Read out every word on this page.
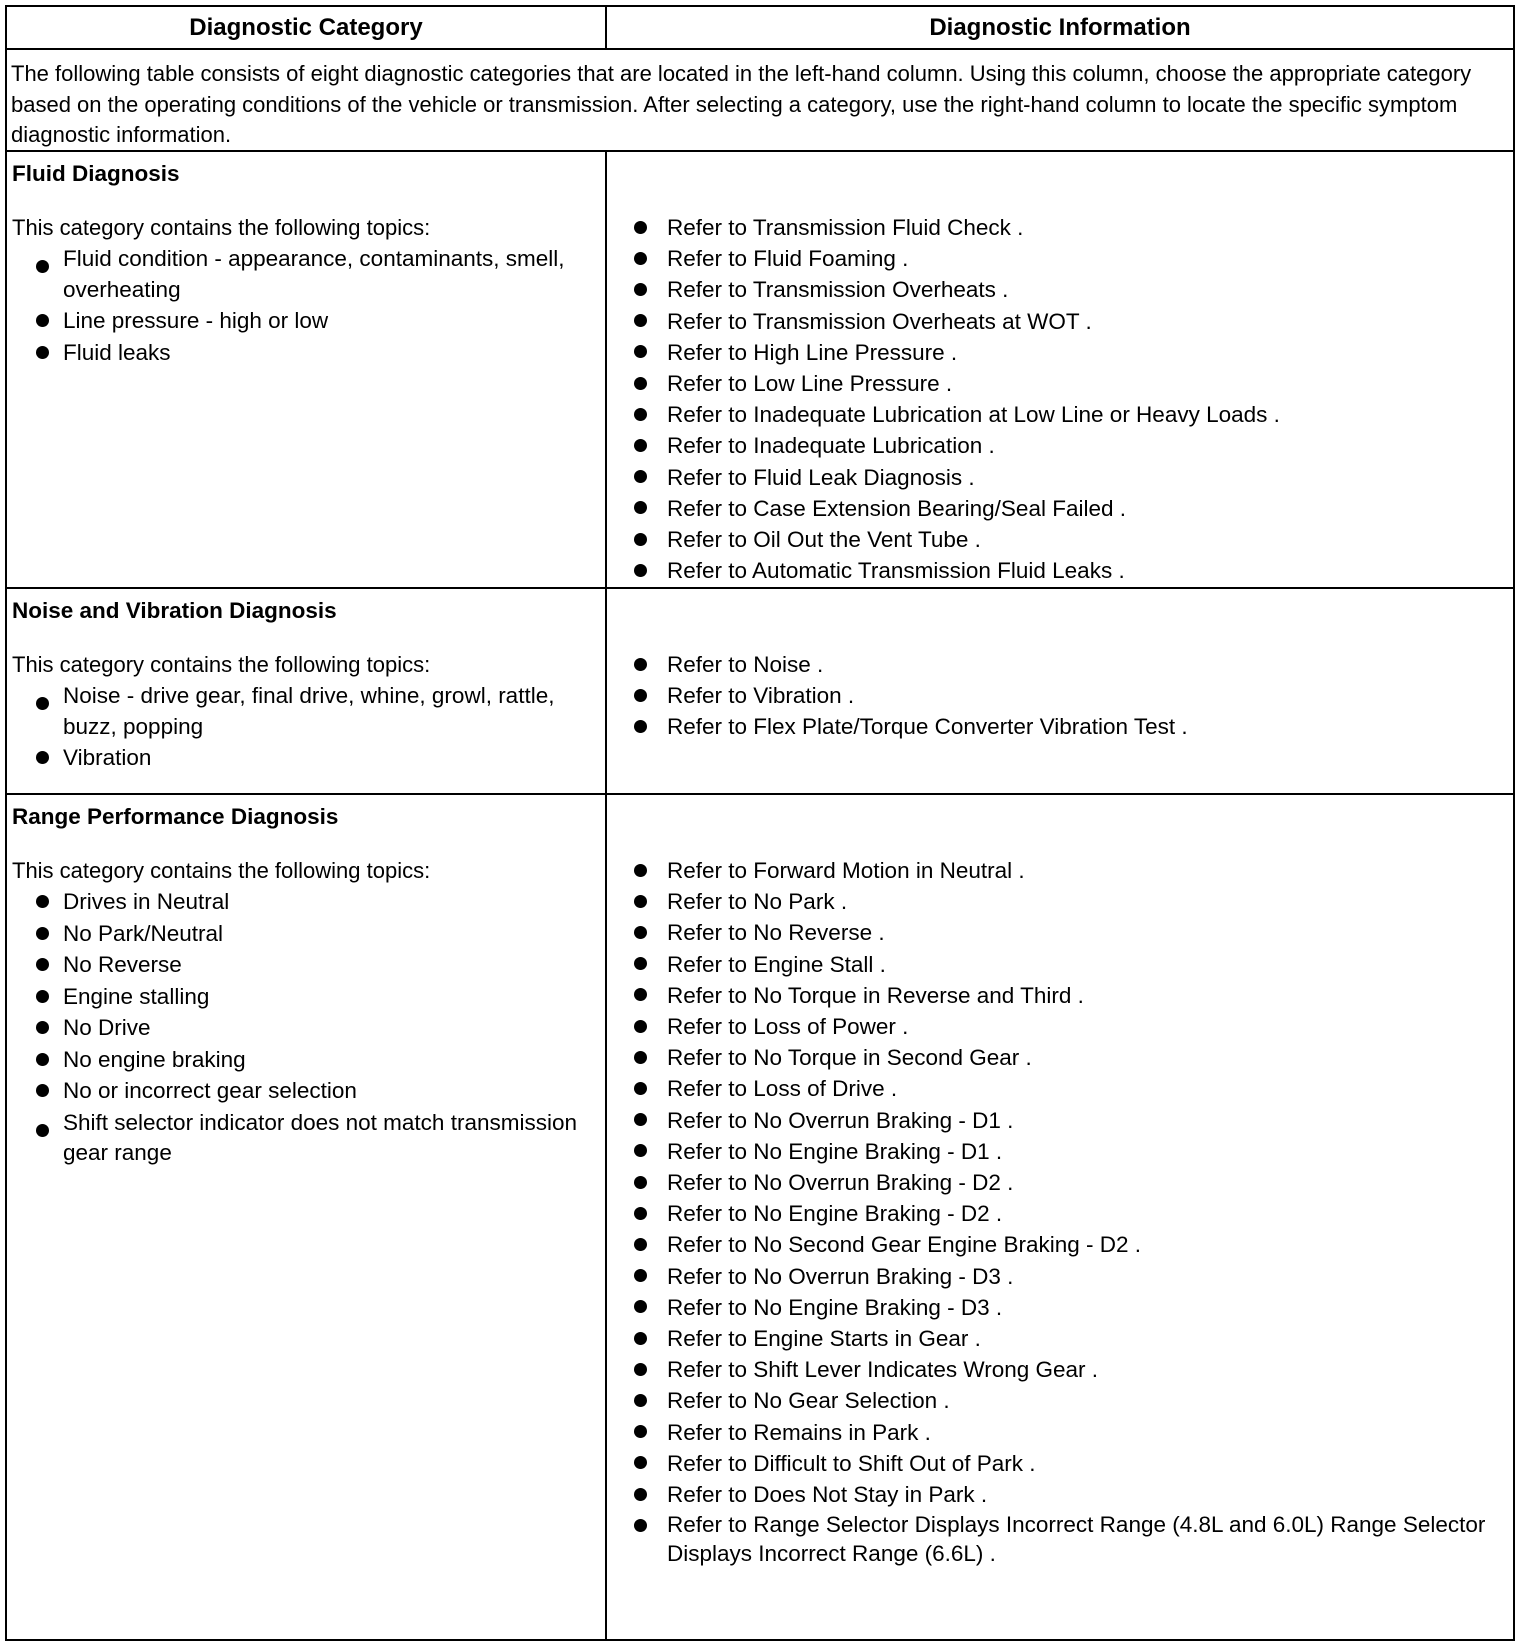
Diagnostic Category	Diagnostic Information
The following table consists of eight diagnostic categories that are located in the left-hand column. Using this column, choose the appropriate category based on the operating conditions of the vehicle or transmission. After selecting a category, use the right-hand column to locate the specific symptom diagnostic information.

Fluid Diagnosis

This category contains the following topics:

Fluid condition - appearance, contaminants, smell, overheating
Line pressure - high or low
Fluid leaks
Refer to Transmission Fluid Check .
Refer to Fluid Foaming .
Refer to Transmission Overheats .
Refer to Transmission Overheats at WOT .
Refer to High Line Pressure .
Refer to Low Line Pressure .
Refer to Inadequate Lubrication at Low Line or Heavy Loads .
Refer to Inadequate Lubrication .
Refer to Fluid Leak Diagnosis .
Refer to Case Extension Bearing/Seal Failed .
Refer to Oil Out the Vent Tube .
Refer to Automatic Transmission Fluid Leaks .

Noise and Vibration Diagnosis

This category contains the following topics:

Noise - drive gear, final drive, whine, growl, rattle, buzz, popping
Vibration
Refer to Noise .
Refer to Vibration .
Refer to Flex Plate/Torque Converter Vibration Test .

Range Performance Diagnosis

This category contains the following topics:

Drives in Neutral
No Park/Neutral
No Reverse
Engine stalling
No Drive
No engine braking
No or incorrect gear selection
Shift selector indicator does not match transmission gear range
Refer to Forward Motion in Neutral .
Refer to No Park .
Refer to No Reverse .
Refer to Engine Stall .
Refer to No Torque in Reverse and Third .
Refer to Loss of Power .
Refer to No Torque in Second Gear .
Refer to Loss of Drive .
Refer to No Overrun Braking - D1 .
Refer to No Engine Braking - D1 .
Refer to No Overrun Braking - D2 .
Refer to No Engine Braking - D2 .
Refer to No Second Gear Engine Braking - D2 .
Refer to No Overrun Braking - D3 .
Refer to No Engine Braking - D3 .
Refer to Engine Starts in Gear .
Refer to Shift Lever Indicates Wrong Gear .
Refer to No Gear Selection .
Refer to Remains in Park .
Refer to Difficult to Shift Out of Park .
Refer to Does Not Stay in Park .
Refer to Range Selector Displays Incorrect Range (4.8L and 6.0L) Range Selector Displays Incorrect Range (6.6L) .
